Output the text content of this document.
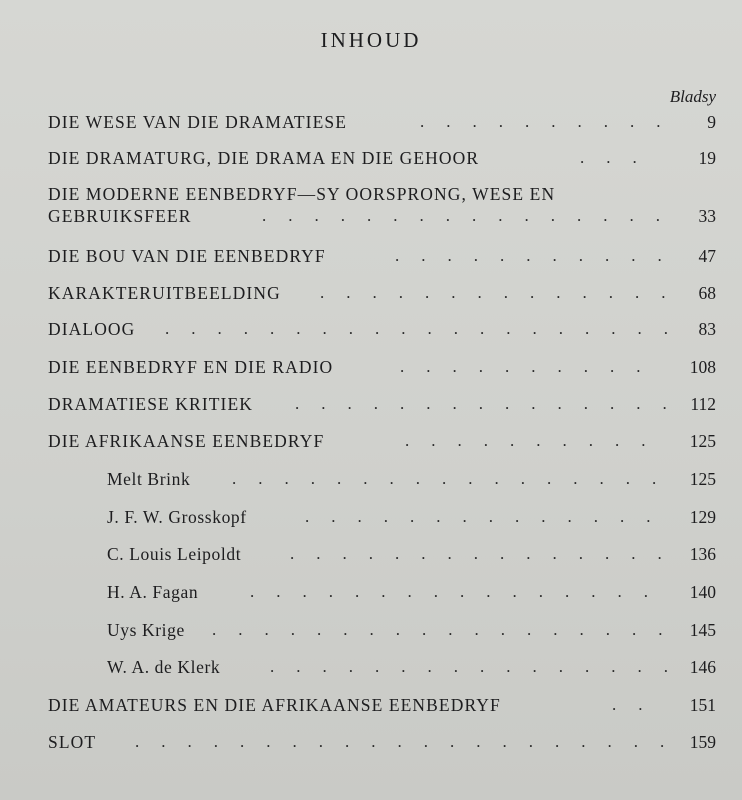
INHOUD
Bladsy
DIE WESE VAN DIE DRAMATIESE	.    .    .    .    .    .    .    .    .    .	9
DIE DRAMATURG, DIE DRAMA EN DIE GEHOOR	.    .    .	19
DIE MODERNE EENBEDRYF—SY OORSPRONG, WESE EN
GEBRUIKSFEER	.    .    .    .    .    .    .    .    .    .    .    .    .    .    .    .	33
DIE BOU VAN DIE EENBEDRYF	.    .    .    .    .    .    .    .    .    .    .	47
KARAKTERUITBEELDING .    .    .    .    .    .    .    .    .    .    .    .    .    .	68
DIALOOG .    .    .    .    .    .    .    .    .    .    .    .    .    .    .    .    .    .    .    .	83
DIE EENBEDRYF EN DIE RADIO	.    .    .    .    .    .    .    .    .    .	108
DRAMATIESE KRITIEK .    .    .    .    .    .    .    .    .    .    .    .    .    .    .	112
DIE AFRIKAANSE EENBEDRYF	.    .    .    .    .    .    .    .    .    .	125
Melt Brink .    .    .    .    .    .    .    .    .    .    .    .    .    .    .    .    .	125
J. F. W. Grosskopf	.    .    .    .    .    .    .    .    .    .    .    .    .    .	129
C. Louis Leipoldt	.    .    .    .    .    .    .    .    .    .    .    .    .    .    .	136
H. A. Fagan	.    .    .    .    .    .    .    .    .    .    .    .    .    .    .    .	140
Uys Krige .    .    .    .    .    .    .    .    .    .    .    .    .    .    .    .    .    .	145
W. A. de Klerk	.    .    .    .    .    .    .    .    .    .    .    .    .    .    .    .	146
DIE AMATEURS EN DIE AFRIKAANSE EENBEDRYF	.    .	151
SLOT .    .    .    .    .    .    .    .    .    .    .    .    .    .    .    .    .    .    .    .    .	159
